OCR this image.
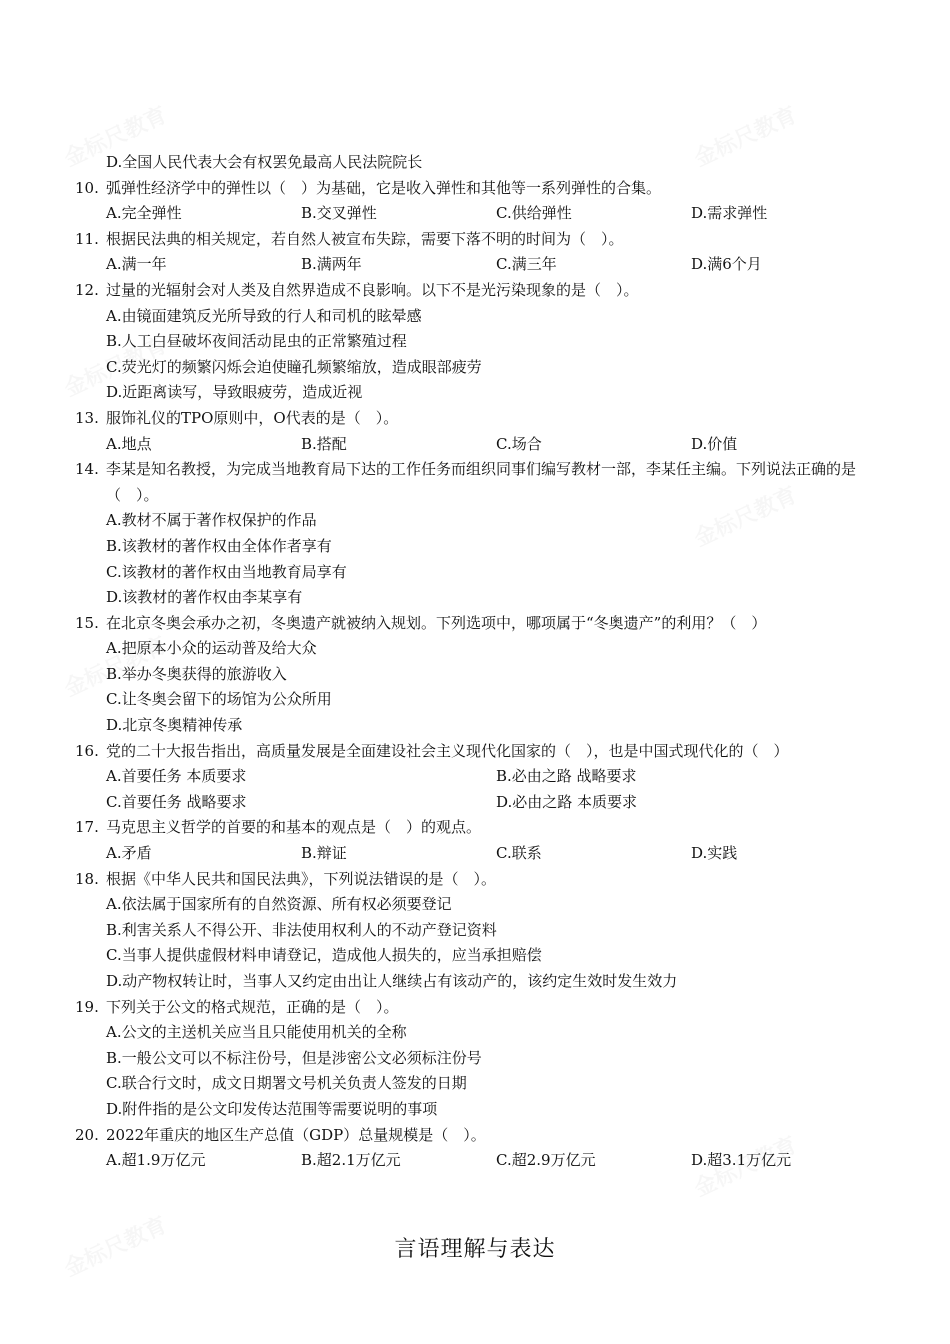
D.全国人民代表大会有权罢免最高人民法院院长
10. 弧弹性经济学中的弹性以（　）为基础，它是收入弹性和其他等一系列弹性的合集。
A.完全弹性	B.交叉弹性	C.供给弹性	D.需求弹性
11. 根据民法典的相关规定，若自然人被宣布失踪，需要下落不明的时间为（　）。
A.满一年	B.满两年	C.满三年	D.满6个月
12. 过量的光辐射会对人类及自然界造成不良影响。以下不是光污染现象的是（　）。
A.由镜面建筑反光所导致的行人和司机的眩晕感
B.人工白昼破坏夜间活动昆虫的正常繁殖过程
C.荧光灯的频繁闪烁会迫使瞳孔频繁缩放，造成眼部疲劳
D.近距离读写，导致眼疲劳，造成近视
13. 服饰礼仪的TPO原则中，O代表的是（　）。
A.地点	B.搭配	C.场合	D.价值
14. 李某是知名教授，为完成当地教育局下达的工作任务而组织同事们编写教材一部，李某任主编。下列说法正确的是（　）。
A.教材不属于著作权保护的作品
B.该教材的著作权由全体作者享有
C.该教材的著作权由当地教育局享有
D.该教材的著作权由李某享有
15. 在北京冬奥会承办之初，冬奥遗产就被纳入规划。下列选项中，哪项属于“冬奥遗产”的利用？（　）
A.把原本小众的运动普及给大众
B.举办冬奥获得的旅游收入
C.让冬奥会留下的场馆为公众所用
D.北京冬奥精神传承
16. 党的二十大报告指出，高质量发展是全面建设社会主义现代化国家的（　），也是中国式现代化的（　）
A.首要任务 本质要求	B.必由之路 战略要求
C.首要任务 战略要求	D.必由之路 本质要求
17. 马克思主义哲学的首要的和基本的观点是（　）的观点。
A.矛盾	B.辩证	C.联系	D.实践
18. 根据《中华人民共和国民法典》，下列说法错误的是（　）。
A.依法属于国家所有的自然资源、所有权必须要登记
B.利害关系人不得公开、非法使用权利人的不动产登记资料
C.当事人提供虚假材料申请登记，造成他人损失的，应当承担赔偿
D.动产物权转让时，当事人又约定由出让人继续占有该动产的，该约定生效时发生效力
19. 下列关于公文的格式规范，正确的是（　）。
A.公文的主送机关应当且只能使用机关的全称
B.一般公文可以不标注份号，但是涉密公文必须标注份号
C.联合行文时，成文日期署文号机关负责人签发的日期
D.附件指的是公文印发传达范围等需要说明的事项
20. 2022年重庆的地区生产总值（GDP）总量规模是（　）。
A.超1.9万亿元	B.超2.1万亿元	C.超2.9万亿元	D.超3.1万亿元
言语理解与表达
